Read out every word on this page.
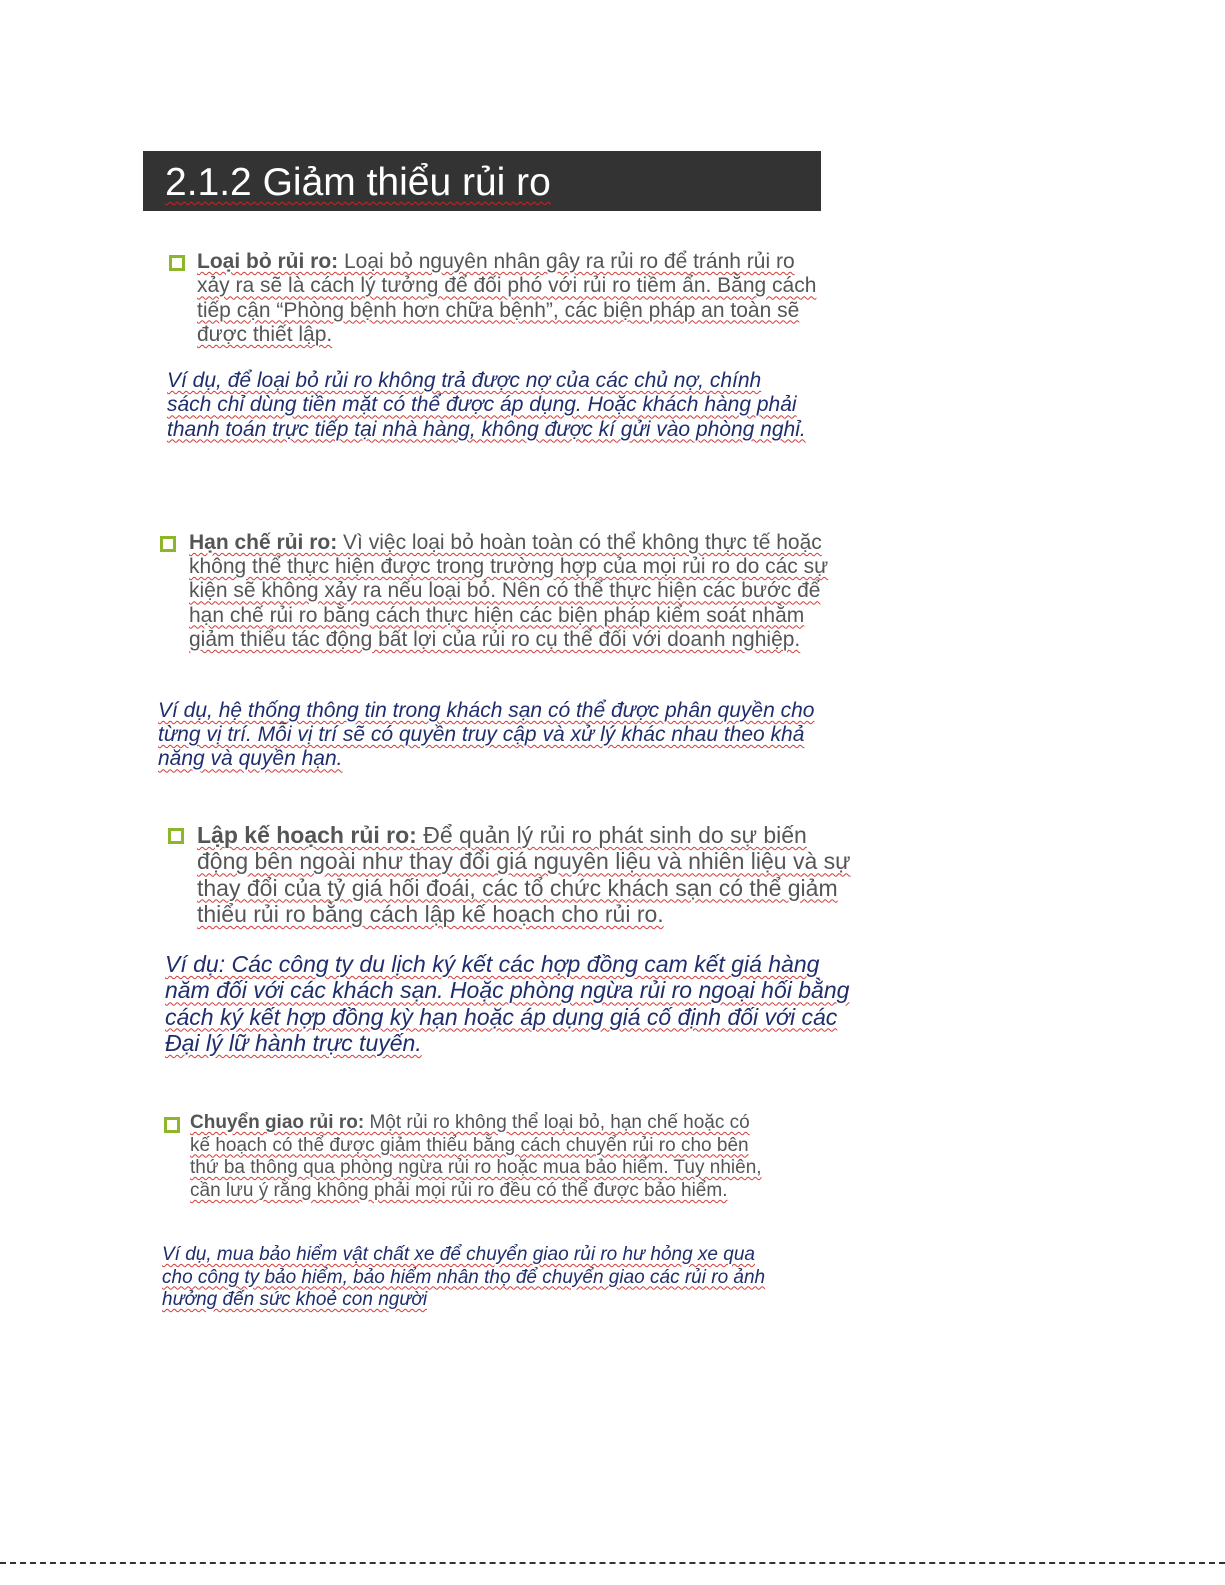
2.1.2 Giảm thiểu rủi ro

Loại bỏ rủi ro: Loại bỏ nguyên nhân gây ra rủi ro để tránh rủi ro xảy ra sẽ là cách lý tưởng để đối phó với rủi ro tiềm ẩn. Bằng cách tiếp cận “Phòng bệnh hơn chữa bệnh”, các biện pháp an toàn sẽ được thiết lập.

Ví dụ, để loại bỏ rủi ro không trả được nợ của các chủ nợ, chính sách chỉ dùng tiền mặt có thể được áp dụng. Hoặc khách hàng phải thanh toán trực tiếp tại nhà hàng, không được kí gửi vào phòng nghỉ.

Hạn chế rủi ro: Vì việc loại bỏ hoàn toàn có thể không thực tế hoặc không thể thực hiện được trong trường hợp của mọi rủi ro do các sự kiện sẽ không xảy ra nếu loại bỏ. Nên có thể thực hiện các bước để hạn chế rủi ro bằng cách thực hiện các biện pháp kiểm soát nhằm giảm thiểu tác động bất lợi của rủi ro cụ thể đối với doanh nghiệp.

Ví dụ, hệ thống thông tin trong khách sạn có thể được phân quyền cho từng vị trí. Mỗi vị trí sẽ có quyền truy cập và xử lý khác nhau theo khả năng và quyền hạn.

Lập kế hoạch rủi ro: Để quản lý rủi ro phát sinh do sự biến động bên ngoài như thay đổi giá nguyên liệu và nhiên liệu và sự thay đổi của tỷ giá hối đoái, các tổ chức khách sạn có thể giảm thiểu rủi ro bằng cách lập kế hoạch cho rủi ro.

Ví dụ: Các công ty du lịch ký kết các hợp đồng cam kết giá hàng năm đối với các khách sạn. Hoặc phòng ngừa rủi ro ngoại hối bằng cách ký kết hợp đồng kỳ hạn hoặc áp dụng giá cố định đối với các Đại lý lữ hành trực tuyến.

Chuyển giao rủi ro: Một rủi ro không thể loại bỏ, hạn chế hoặc có kế hoạch có thể được giảm thiểu bằng cách chuyển rủi ro cho bên thứ ba thông qua phòng ngừa rủi ro hoặc mua bảo hiểm. Tuy nhiên, cần lưu ý rằng không phải mọi rủi ro đều có thể được bảo hiểm.

Ví dụ, mua bảo hiểm vật chất xe để chuyển giao rủi ro hư hỏng xe qua cho công ty bảo hiểm, bảo hiểm nhân thọ để chuyển giao các rủi ro ảnh hưởng đến sức khoẻ con người
